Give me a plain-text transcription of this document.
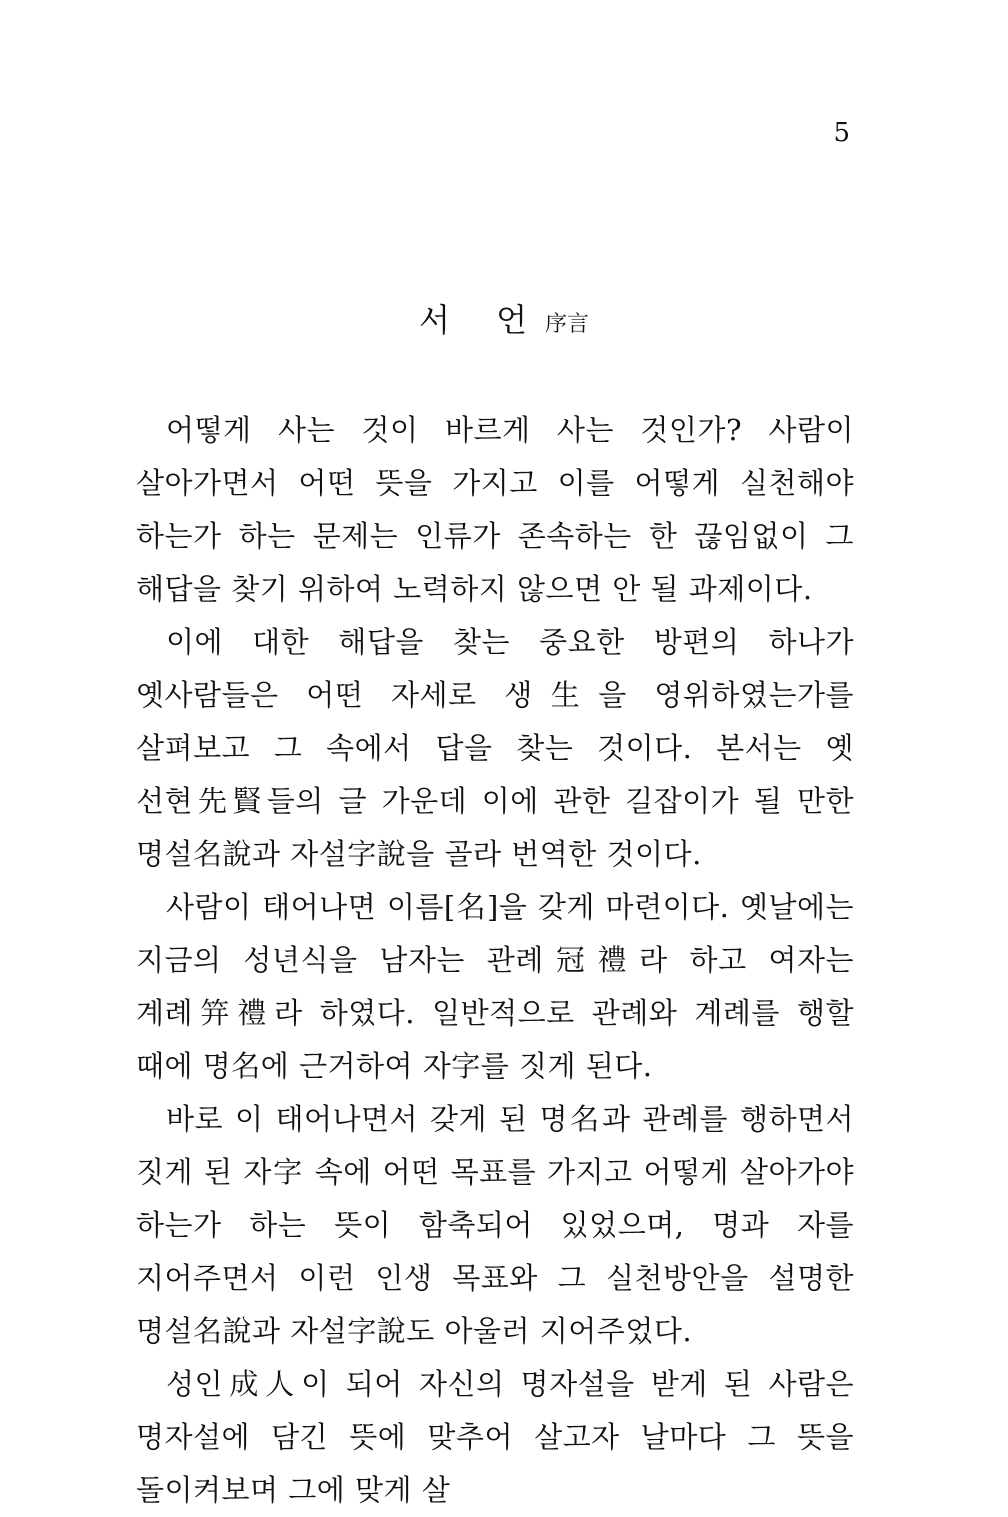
5
서 언序言

어떻게 사는 것이 바르게 사는 것인가? 사람이 살아가면서 어떤 뜻을 가지고 이를 어떻게 실천해야 하는가 하는 문제는 인류가 존속하는 한 끊임없이 그 해답을 찾기 위하여 노력하지 않으면 안 될 과제이다.

이에 대한 해답을 찾는 중요한 방편의 하나가 옛사람들은 어떤 자세로 생生을 영위하였는가를 살펴보고 그 속에서 답을 찾는 것이다. 본서는 옛 선현先賢들의 글 가운데 이에 관한 길잡이가 될 만한 명설名說과 자설字說을 골라 번역한 것이다.

사람이 태어나면 이름[名]을 갖게 마련이다. 옛날에는 지금의 성년식을 남자는 관례冠禮라 하고 여자는 계례笄禮라 하였다. 일반적으로 관례와 계례를 행할 때에 명名에 근거하여 자字를 짓게 된다.

바로 이 태어나면서 갖게 된 명名과 관례를 행하면서 짓게 된 자字 속에 어떤 목표를 가지고 어떻게 살아가야 하는가 하는 뜻이 함축되어 있었으며, 명과 자를 지어주면서 이런 인생 목표와 그 실천방안을 설명한 명설名說과 자설字說도 아울러 지어주었다.

성인成人이 되어 자신의 명자설을 받게 된 사람은 명자설에 담긴 뜻에 맞추어 살고자 날마다 그 뜻을 돌이켜보며 그에 맞게 살
